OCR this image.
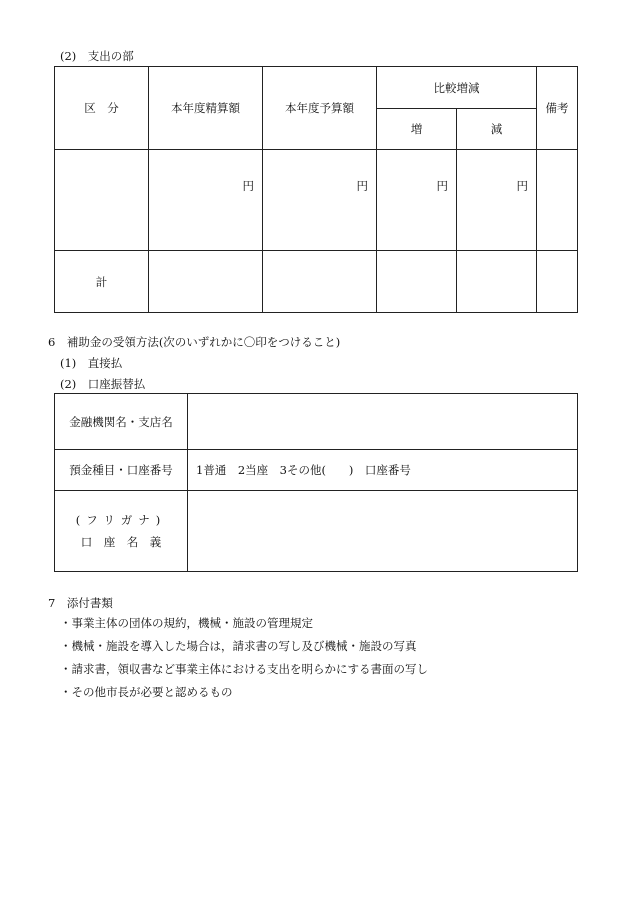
(2)　支出の部
区　分	本年度精算額	本年度予算額	比較増減		備考
			増	減	
	円	円	円	円	
計					
6　補助金の受領方法(次のいずれかに〇印をつけること)
(1)　直接払
(2)　口座振替払
金融機関名・支店名	
預金種目・口座番号	1普通　2当座　3その他(　　)　口座番号

(フリガナ)
口　座　名　義	

7　添付書類
・事業主体の団体の規約，機械・施設の管理規定
・機械・施設を導入した場合は，請求書の写し及び機械・施設の写真
・請求書，領収書など事業主体における支出を明らかにする書面の写し
・その他市長が必要と認めるもの
